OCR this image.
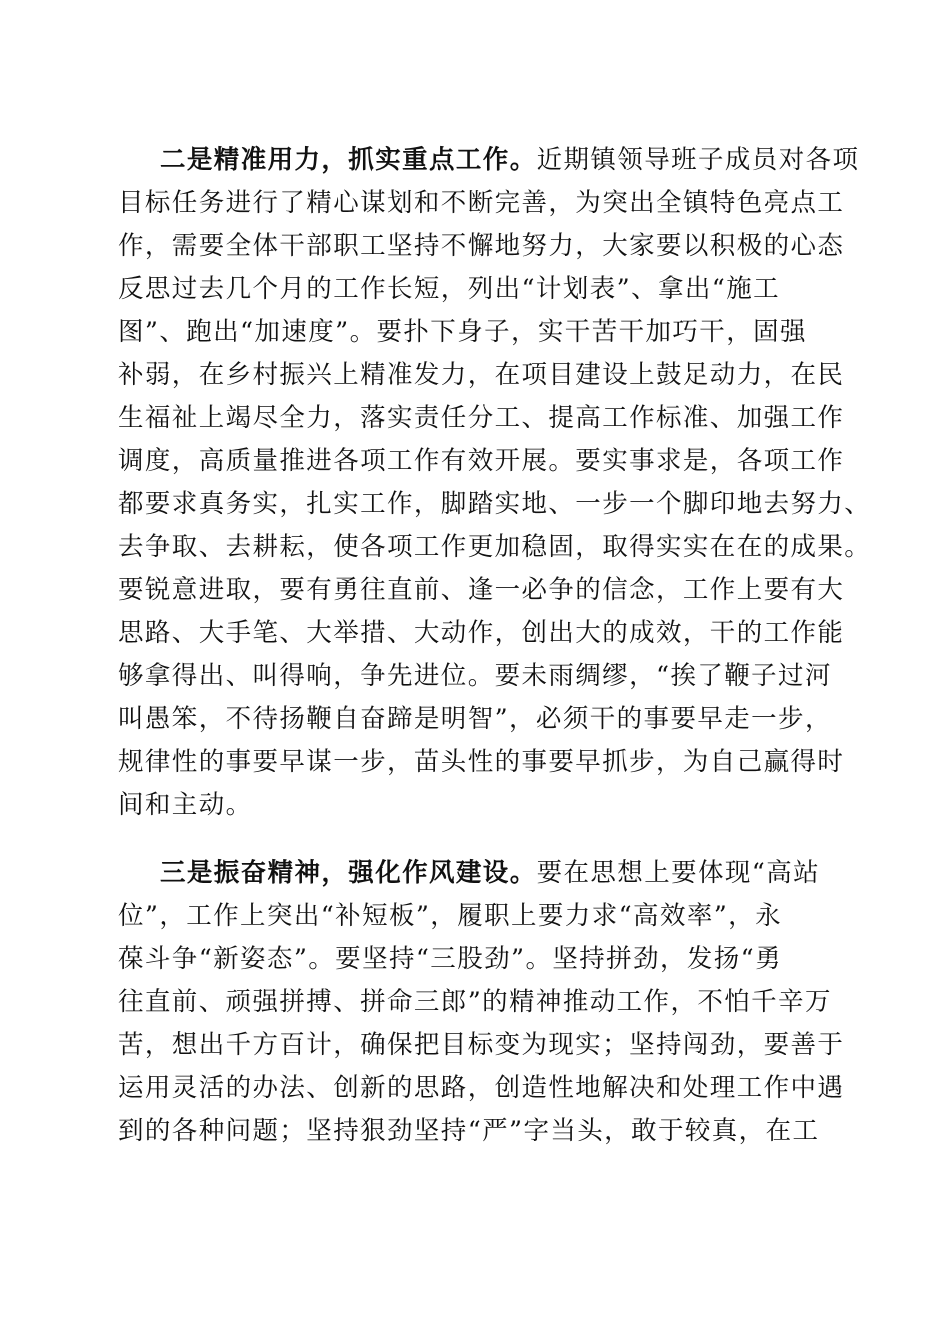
二是精准用力，抓实重点工作。近期镇领导班子成员对各项
目标任务进行了精心谋划和不断完善，为突出全镇特色亮点工
作，需要全体干部职工坚持不懈地努力，大家要以积极的心态
反思过去几个月的工作长短，列出“计划表”、拿出“施工
图”、跑出“加速度”。要扑下身子，实干苦干加巧干，固强
补弱，在乡村振兴上精准发力，在项目建设上鼓足动力，在民
生福祉上竭尽全力，落实责任分工、提高工作标准、加强工作
调度，高质量推进各项工作有效开展。要实事求是，各项工作
都要求真务实，扎实工作，脚踏实地、一步一个脚印地去努力、
去争取、去耕耘，使各项工作更加稳固，取得实实在在的成果。
要锐意进取，要有勇往直前、逢一必争的信念，工作上要有大
思路、大手笔、大举措、大动作，创出大的成效，干的工作能
够拿得出、叫得响，争先进位。要未雨绸缪，“挨了鞭子过河
叫愚笨，不待扬鞭自奋蹄是明智”，必须干的事要早走一步，
规律性的事要早谋一步，苗头性的事要早抓步，为自己赢得时
间和主动。
三是振奋精神，强化作风建设。要在思想上要体现“高站
位”，工作上突出“补短板”，履职上要力求“高效率”，永
葆斗争“新姿态”。要坚持“三股劲”。坚持拼劲，发扬“勇
往直前、顽强拼搏、拼命三郎”的精神推动工作，不怕千辛万
苦，想出千方百计，确保把目标变为现实；坚持闯劲，要善于
运用灵活的办法、创新的思路，创造性地解决和处理工作中遇
到的各种问题；坚持狠劲坚持“严”字当头，敢于较真，在工
